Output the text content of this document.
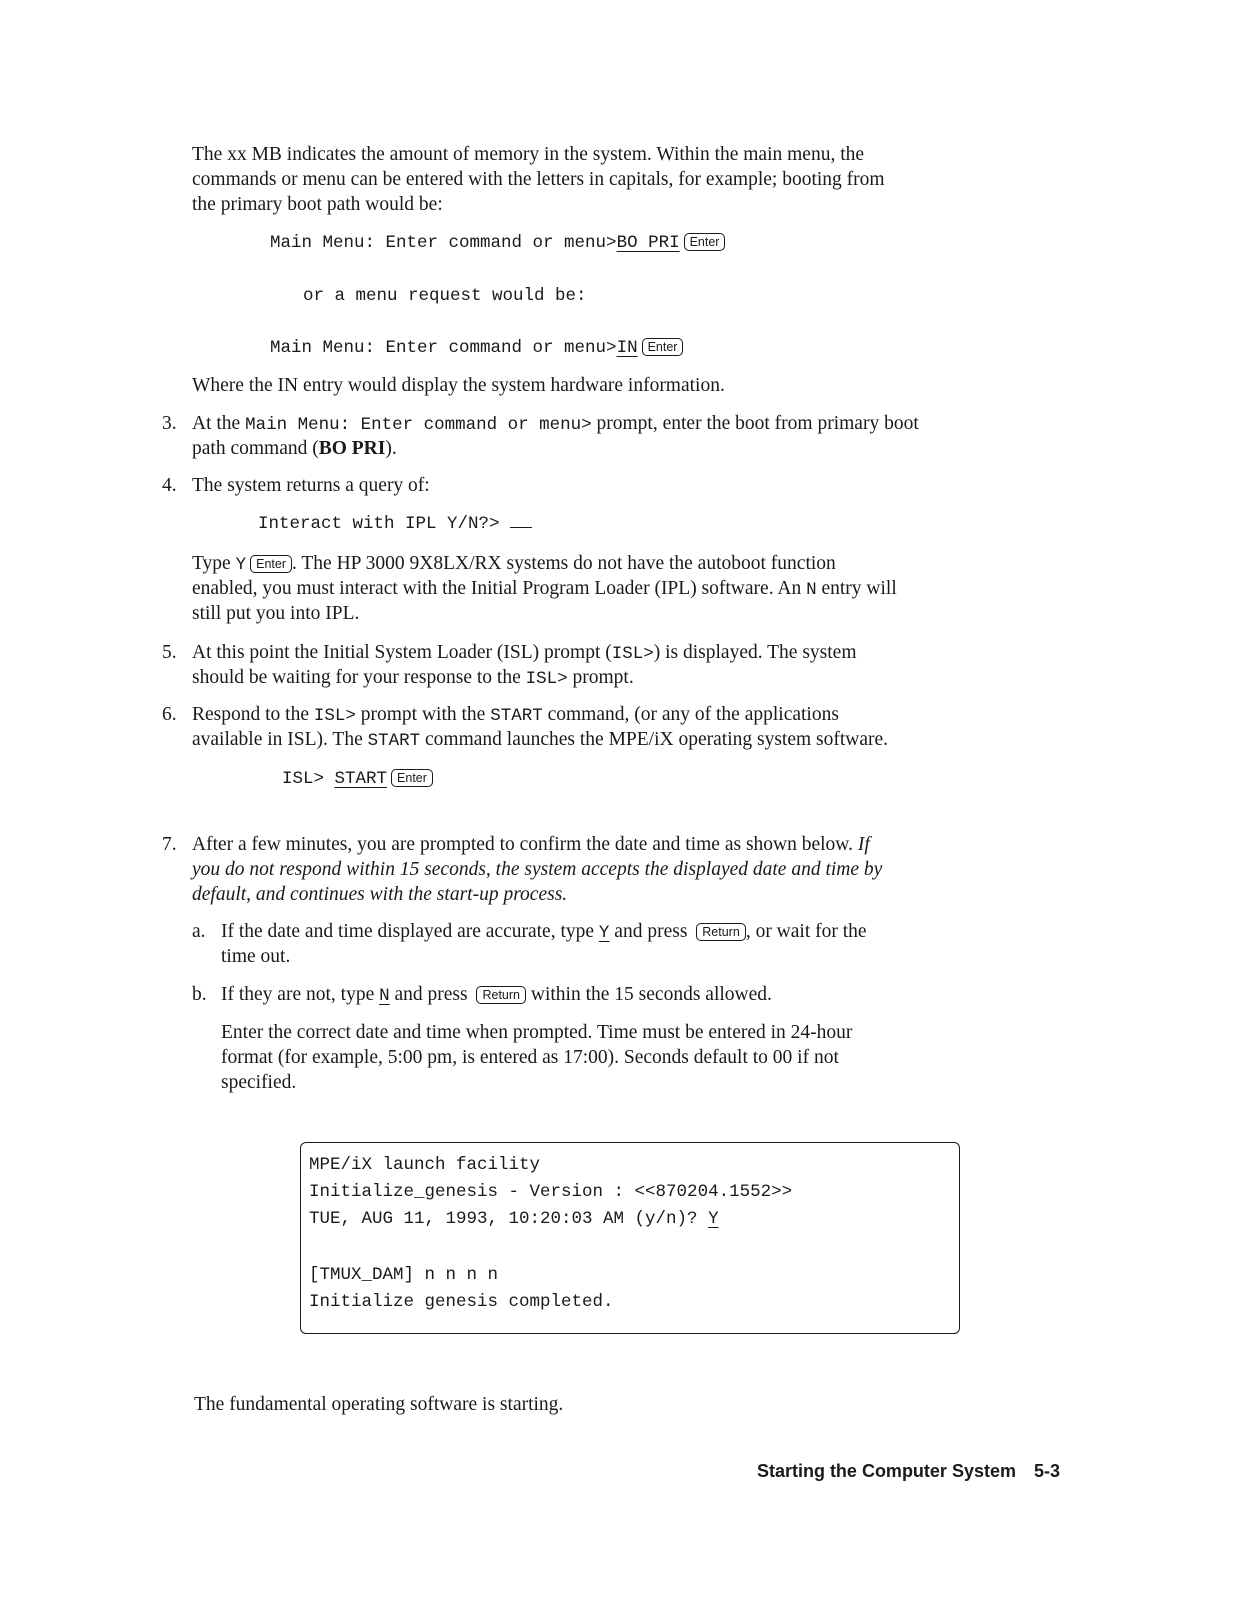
The xx MB indicates the amount of memory in the system. Within the main menu, the

commands or menu can be entered with the letters in capitals, for example; booting from

the primary boot path would be:

Main Menu: Enter command or menu>BO PRI Enter
or a menu request would be:
Main Menu: Enter command or menu>IN Enter

Where the IN entry would display the system hardware information.

3. At the Main Menu: Enter command or menu> prompt, enter the boot from primary boot

path command (BO PRI).

4. The system returns a query of:

Interact with IPL Y/N?>

Type Y Enter . The HP 3000 9X8LX/RX systems do not have the autoboot function

enabled, you must interact with the Initial Program Loader (IPL) software. An N entry will

still put you into IPL.

5. At this point the Initial System Loader (ISL) prompt (ISL>) is displayed. The system

should be waiting for your response to the ISL> prompt.

6. Respond to the ISL> prompt with the START command, (or any of the applications

available in ISL). The START command launches the MPE/iX operating system software.

ISL> START Enter
7. After a few minutes, you are prompted to confirm the date and time as shown below. If

you do not respond within 15 seconds, the system accepts the displayed date and time by

default, and continues with the start-up process.

a. If the date and time displayed are accurate, type Y and press Return , or wait for the

time out.

b. If they are not, type N and press Return within the 15 seconds allowed.

Enter the correct date and time when prompted. Time must be entered in 24-hour

format (for example, 5:00 pm, is entered as 17:00). Seconds default to 00 if not

specified.

MPE/iX launch facility
Initialize_genesis - Version : <<870204.1552>>
TUE, AUG 11, 1993, 10:20:03 AM (y/n)? Y
[TMUX_DAM] n n n n
Initialize genesis completed.

The fundamental operating software is starting.

Starting the Computer System 5-3
